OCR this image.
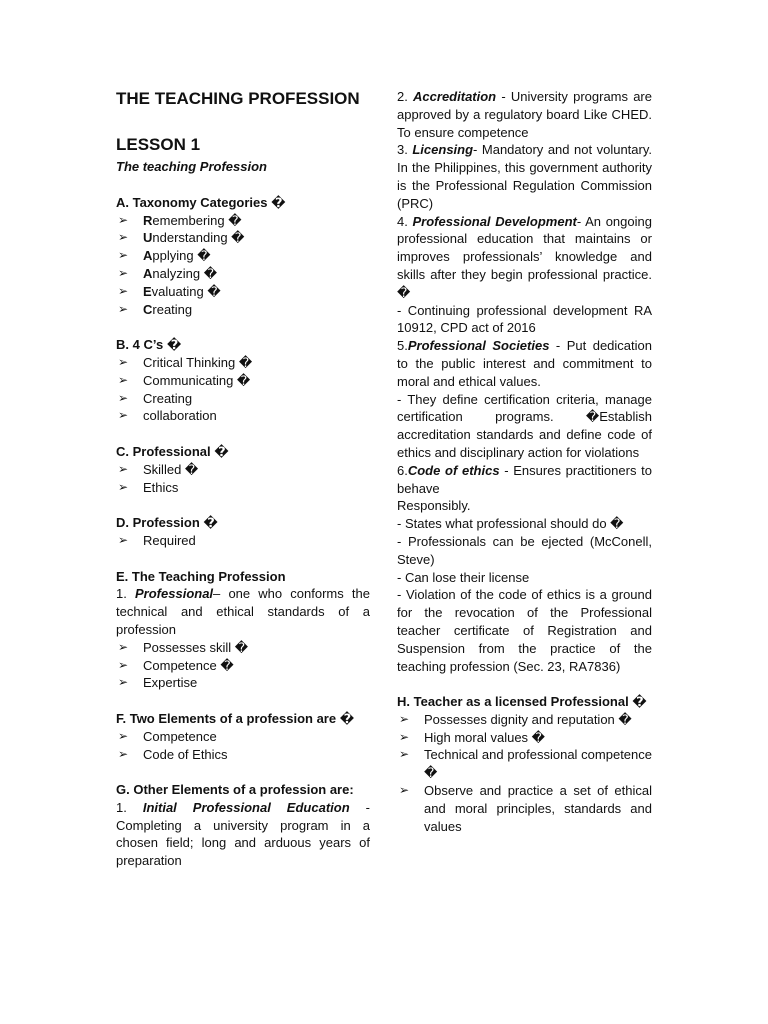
THE TEACHING PROFESSION

LESSON 1

The teaching Profession

A. Taxonomy Categories �

➢ Remembering �
➢ Understanding �
➢ Applying �
➢ Analyzing �
➢ Evaluating �
➢ Creating

B. 4 C’s �

➢ Critical Thinking �
➢ Communicating �
➢ Creating
➢ collaboration

C. Professional �

➢ Skilled �
➢ Ethics

D. Profession �

➢ Required

E. The Teaching Profession

1. Professional– one who conforms the technical and ethical standards of a profession

➢ Possesses skill �
➢ Competence �
➢ Expertise

F. Two Elements of a profession are �

➢ Competence
➢ Code of Ethics

G. Other Elements of a profession are:

1. Initial Professional Education - Completing a university program in a chosen field; long and arduous years of preparation

2. Accreditation - University programs are approved by a regulatory board Like CHED. To ensure competence

3. Licensing- Mandatory and not voluntary. In the Philippines, this government authority is the Professional Regulation Commission (PRC)

4. Professional Development- An ongoing professional education that maintains or improves professionals’ knowledge and skills after they begin professional practice. �

- Continuing professional development RA 10912, CPD act of 2016

5.Professional Societies - Put dedication to the public interest and commitment to moral and ethical values.

- They define certification criteria, manage certification programs. �Establish accreditation standards and define code of ethics and disciplinary action for violations

6.Code of ethics - Ensures practitioners to behave

Responsibly.

- States what professional should do �

- Professionals can be ejected (McConell, Steve)

- Can lose their license

- Violation of the code of ethics is a ground for the revocation of the Professional teacher certificate of Registration and Suspension from the practice of the teaching profession (Sec. 23, RA7836)

H. Teacher as a licensed Professional �

➢ Possesses dignity and reputation �
➢ High moral values �
➢ Technical and professional competence �
➢ Observe and practice a set of ethical and moral principles, standards and values
